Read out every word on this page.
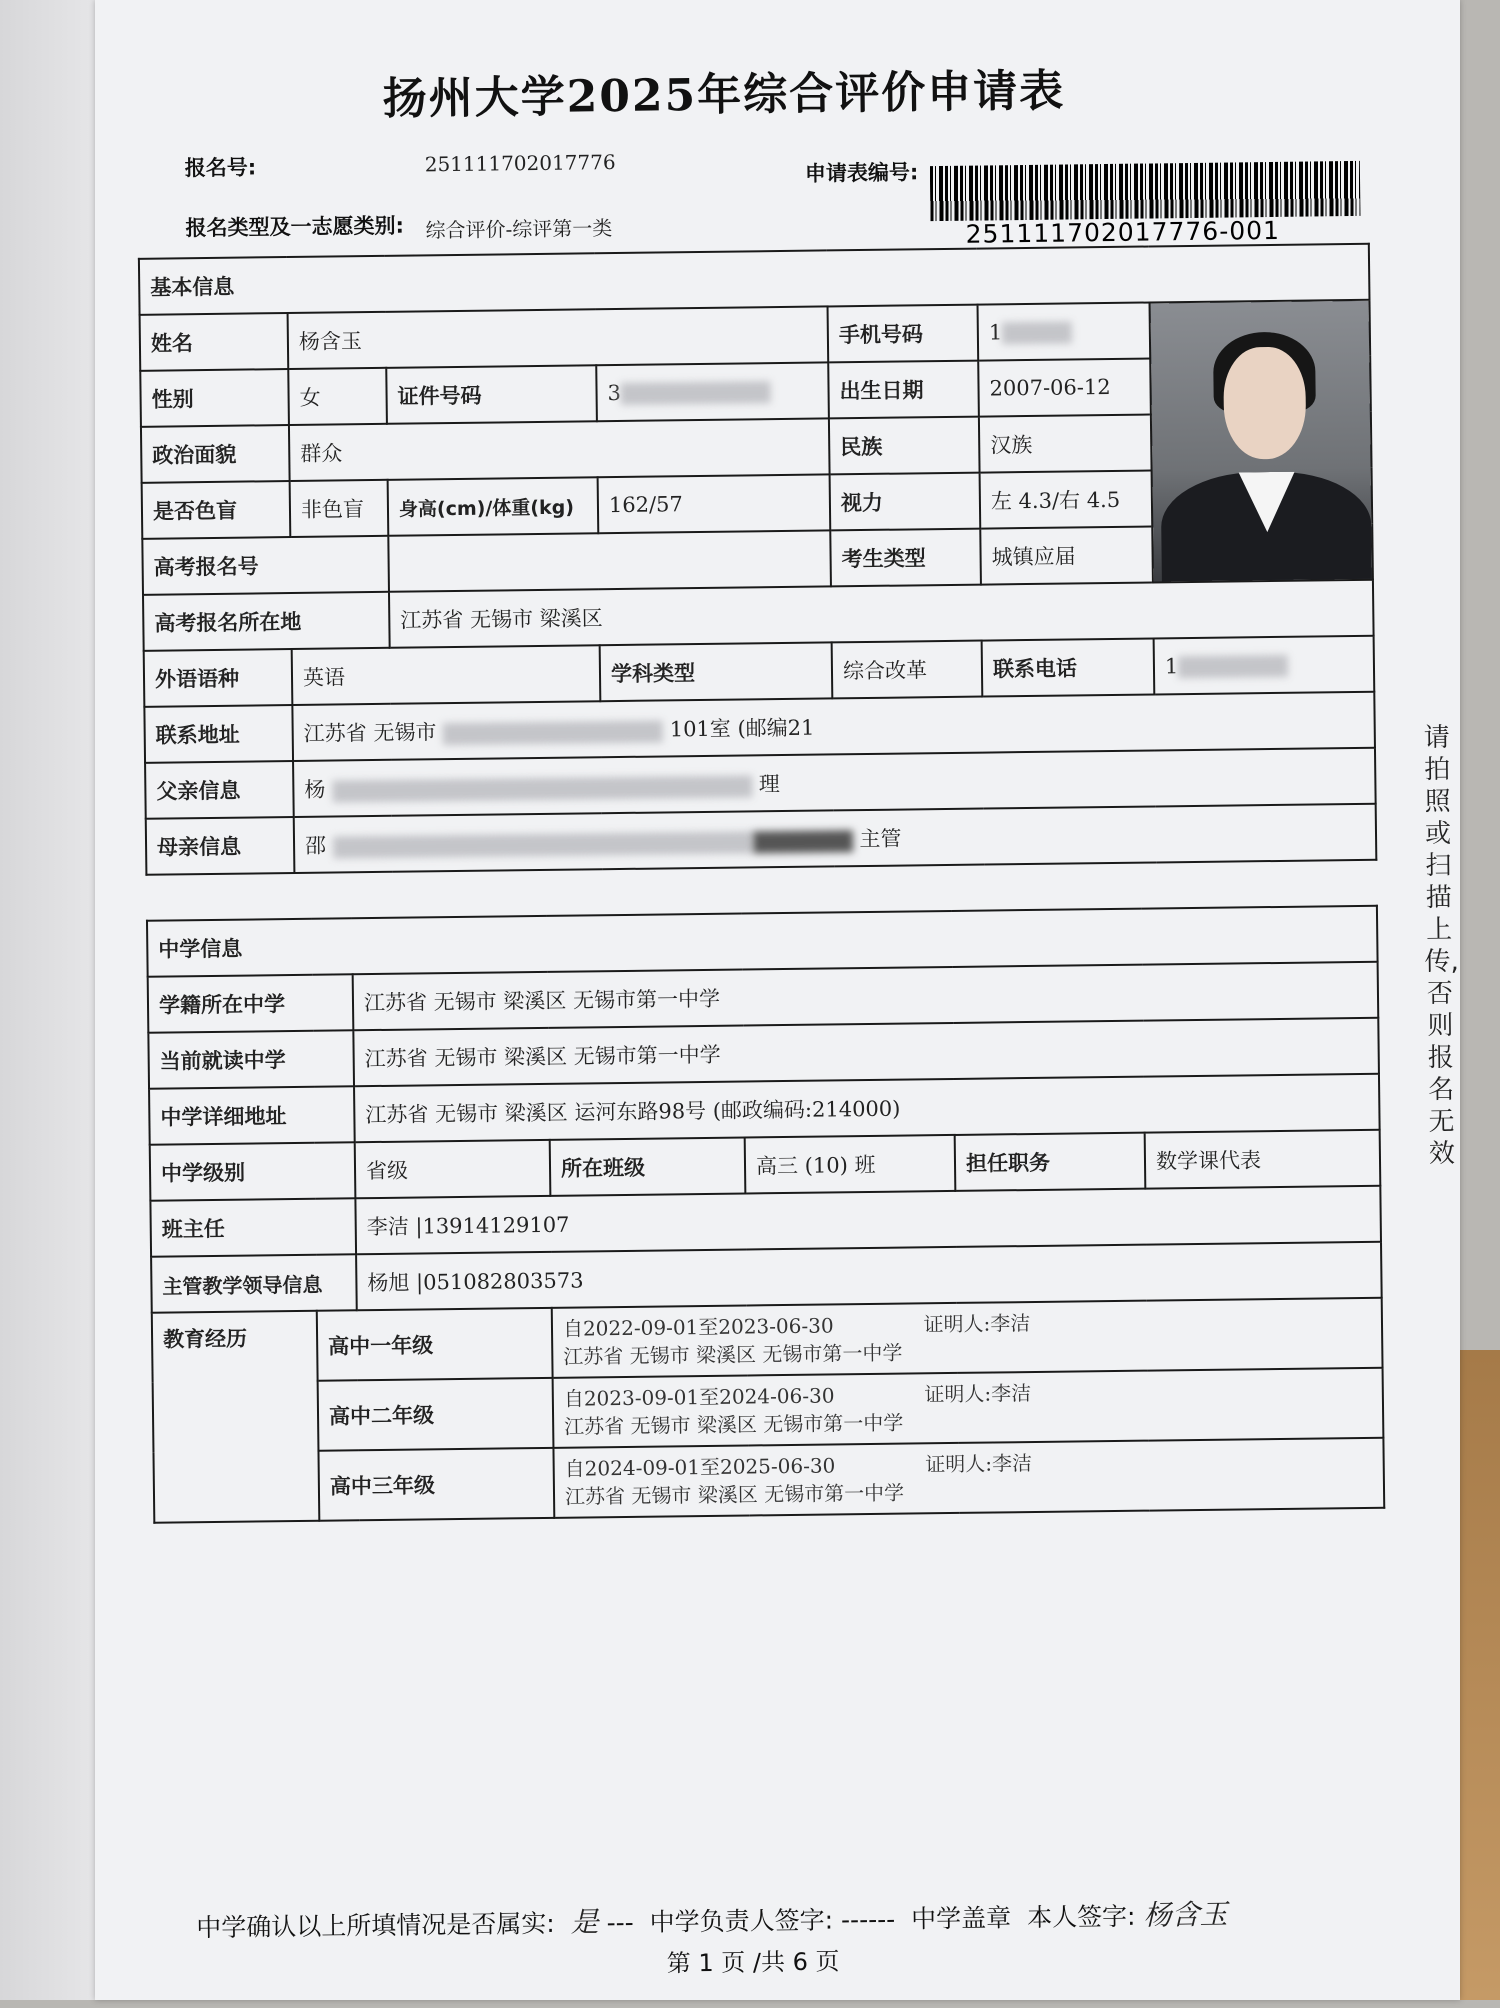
扬州大学2025年综合评价申请表
报名号:	251111702017776	申请表编号:
251111702017776-001
报名类型及一志愿类别: 综合评价-综评第一类
基本信息						
姓名	杨含玉			手机号码	1	

性别	女	证件号码	3	出生日期	2007-06-12	
政治面貌	群众			民族	汉族	
是否色盲	非色盲	身高(cm)/体重(kg)	162/57	视力	左 4.3/右 4.5	
高考报名号				考生类型	城镇应届	
高考报名所在地		江苏省 无锡市 梁溪区				
外语语种	英语		学科类型	综合改革	联系电话	1
联系地址	江苏省 无锡市 101室 (邮编21					
父亲信息	杨 理					
母亲信息	邵 主管					
中学信息						
学籍所在中学		江苏省 无锡市 梁溪区 无锡市第一中学				
当前就读中学		江苏省 无锡市 梁溪区 无锡市第一中学				
中学详细地址		江苏省 无锡市 梁溪区 运河东路98号 (邮政编码:214000)				
中学级别		省级	所在班级	高三 (10) 班	担任职务	数学课代表
班主任		李洁 |13914129107				
主管教学领导信息		杨旭 |051082803573				
教育经历	高中一年级		自2022-09-01至2023-06-30 证明人:李洁
江苏省 无锡市 梁溪区 无锡市第一中学			

	高中二年级		自2023-09-01至2024-06-30 证明人:李洁
江苏省 无锡市 梁溪区 无锡市第一中学			

	高中三年级		自2024-09-01至2025-06-30 证明人:李洁
江苏省 无锡市 梁溪区 无锡市第一中学			
请拍照或扫描上传,否则报名无效
中学确认以上所填情况是否属实: 是 --- 中学负责人签字: ------ 中学盖章 本人签字: 杨含玉
第 1 页 /共 6 页
